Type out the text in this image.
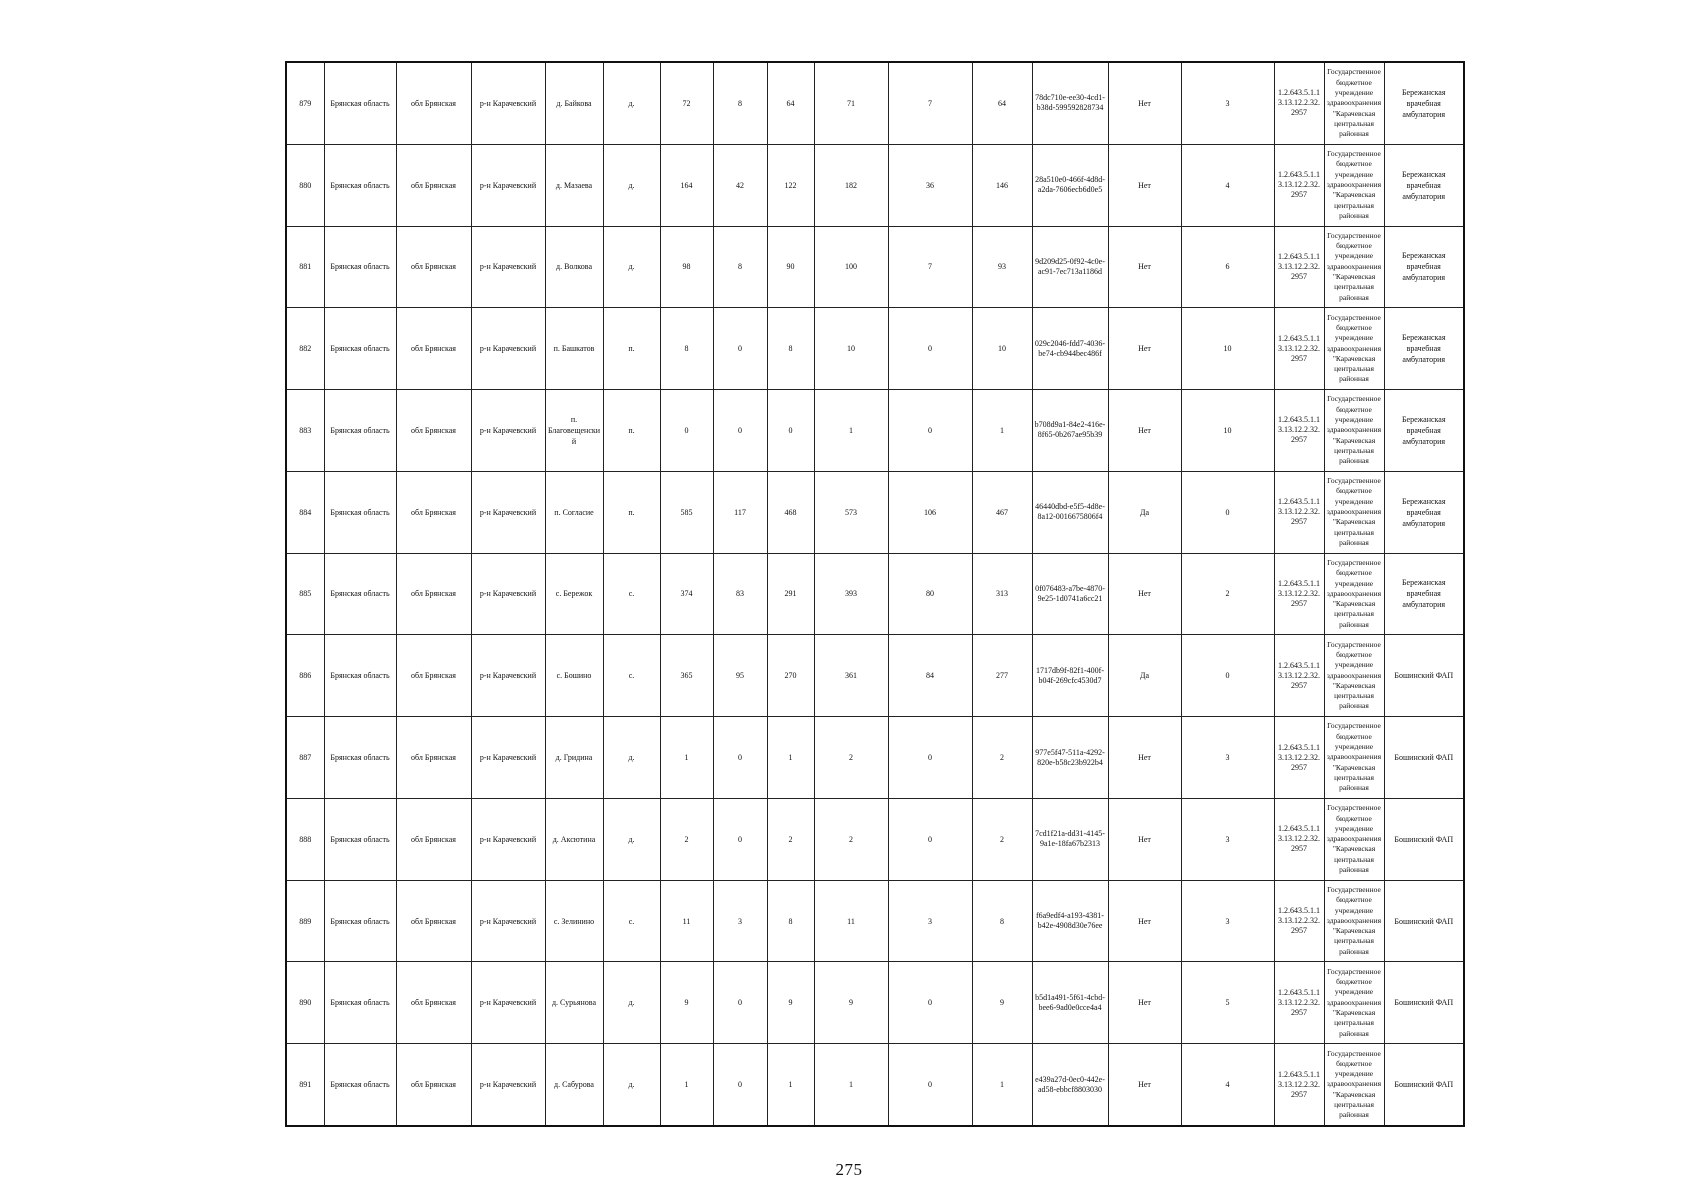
879	Брянская область	обл Брянская	р-н Карачевский	д. Байкова	д.	72	8	64	71	7	64	78dc710e-ee30-4cd1-b38d-599592828734	Нет	3	1.2.643.5.1.13.13.12.2.32.2957	Государственное бюджетное учреждение здравоохранения "Карачевская центральная районная	Бережанская врачебная амбулатория
880	Брянская область	обл Брянская	р-н Карачевский	д. Мазаева	д.	164	42	122	182	36	146	28a510e0-466f-4d8d-a2da-7606ecb6d0e5	Нет	4	1.2.643.5.1.13.13.12.2.32.2957	Государственное бюджетное учреждение здравоохранения "Карачевская центральная районная	Бережанская врачебная амбулатория
881	Брянская область	обл Брянская	р-н Карачевский	д. Волкова	д.	98	8	90	100	7	93	9d209d25-0f92-4c0e-ac91-7ec713a1186d	Нет	6	1.2.643.5.1.13.13.12.2.32.2957	Государственное бюджетное учреждение здравоохранения "Карачевская центральная районная	Бережанская врачебная амбулатория
882	Брянская область	обл Брянская	р-н Карачевский	п. Башкатов	п.	8	0	8	10	0	10	029c2046-fdd7-4036-be74-cb944bec486f	Нет	10	1.2.643.5.1.13.13.12.2.32.2957	Государственное бюджетное учреждение здравоохранения "Карачевская центральная районная	Бережанская врачебная амбулатория
883	Брянская область	обл Брянская	р-н Карачевский	п. Благовещенский	п.	0	0	0	1	0	1	b708d9a1-84e2-416e-8f65-0b267ae95b39	Нет	10	1.2.643.5.1.13.13.12.2.32.2957	Государственное бюджетное учреждение здравоохранения "Карачевская центральная районная	Бережанская врачебная амбулатория
884	Брянская область	обл Брянская	р-н Карачевский	п. Согласие	п.	585	117	468	573	106	467	46440dbd-e5f5-4d8e-8a12-0016675806f4	Да	0	1.2.643.5.1.13.13.12.2.32.2957	Государственное бюджетное учреждение здравоохранения "Карачевская центральная районная	Бережанская врачебная амбулатория
885	Брянская область	обл Брянская	р-н Карачевский	с. Бережок	с.	374	83	291	393	80	313	0f076483-a7be-4870-9e25-1d0741a6cc21	Нет	2	1.2.643.5.1.13.13.12.2.32.2957	Государственное бюджетное учреждение здравоохранения "Карачевская центральная районная	Бережанская врачебная амбулатория
886	Брянская область	обл Брянская	р-н Карачевский	с. Бошино	с.	365	95	270	361	84	277	1717db9f-82f1-400f-b04f-269cfc4530d7	Да	0	1.2.643.5.1.13.13.12.2.32.2957	Государственное бюджетное учреждение здравоохранения "Карачевская центральная районная	Бошинский ФАП
887	Брянская область	обл Брянская	р-н Карачевский	д. Гридина	д.	1	0	1	2	0	2	977e5f47-511a-4292-820e-b58c23b922b4	Нет	3	1.2.643.5.1.13.13.12.2.32.2957	Государственное бюджетное учреждение здравоохранения "Карачевская центральная районная	Бошинский ФАП
888	Брянская область	обл Брянская	р-н Карачевский	д. Аксютина	д.	2	0	2	2	0	2	7cd1f21a-dd31-4145-9a1e-18fa67b2313	Нет	3	1.2.643.5.1.13.13.12.2.32.2957	Государственное бюджетное учреждение здравоохранения "Карачевская центральная районная	Бошинский ФАП
889	Брянская область	обл Брянская	р-н Карачевский	с. Зелинино	с.	11	3	8	11	3	8	f6a9edf4-a193-4381-b42e-4908d30e76ee	Нет	3	1.2.643.5.1.13.13.12.2.32.2957	Государственное бюджетное учреждение здравоохранения "Карачевская центральная районная	Бошинский ФАП
890	Брянская область	обл Брянская	р-н Карачевский	д. Сурьянова	д.	9	0	9	9	0	9	b5d1a491-5f61-4cbd-bee6-9ad0e0cce4a4	Нет	5	1.2.643.5.1.13.13.12.2.32.2957	Государственное бюджетное учреждение здравоохранения "Карачевская центральная районная	Бошинский ФАП
891	Брянская область	обл Брянская	р-н Карачевский	д. Сабурова	д.	1	0	1	1	0	1	e439a27d-0ec0-442e-ad58-ebbcf8803030	Нет	4	1.2.643.5.1.13.13.12.2.32.2957	Государственное бюджетное учреждение здравоохранения "Карачевская центральная районная	Бошинский ФАП
275
